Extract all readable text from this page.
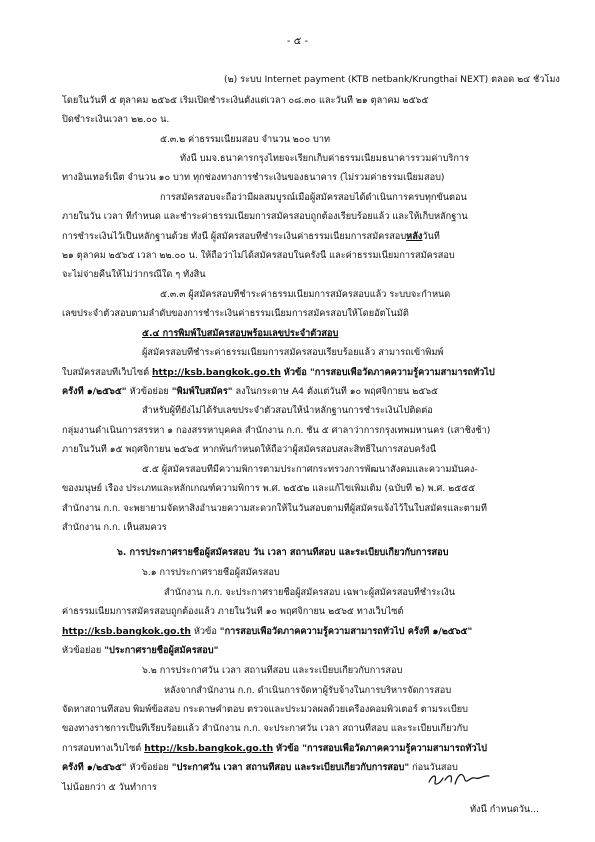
- ๕ -
(๒) ระบบ Internet payment (KTB netbank/Krungthai NEXT) ตลอด ๒๔ ชั่วโมง
โดยในวันที่ ๕ ตุลาคม ๒๕๖๕ เริ่มเปิดชำระเงินตั้งแต่เวลา ๐๘.๓๐ และวันที่ ๒๑ ตุลาคม ๒๕๖๕
ปิดชำระเงินเวลา ๒๒.๐๐ น.
๕.๓.๒ ค่าธรรมเนียมสอบ จำนวน ๒๐๐ บาท
ทั้งนี้ บมจ.ธนาคารกรุงไทยจะเรียกเก็บค่าธรรมเนียมธนาคารรวมค่าบริการ
ทางอินเทอร์เน็ต จำนวน ๑๐ บาท ทุกช่องทางการชำระเงินของธนาคาร (ไม่รวมค่าธรรมเนียมสอบ)
การสมัครสอบจะถือว่ามีผลสมบูรณ์เมื่อผู้สมัครสอบได้ดำเนินการครบทุกขั้นตอน
ภายในวัน เวลา ที่กำหนด และชำระค่าธรรมเนียมการสมัครสอบถูกต้องเรียบร้อยแล้ว และให้เก็บหลักฐาน
การชำระเงินไว้เป็นหลักฐานด้วย ทั้งนี้ ผู้สมัครสอบที่ชำระเงินค่าธรรมเนียมการสมัครสอบ หลัง วันที่
๒๑ ตุลาคม ๒๕๖๕ เวลา ๒๒.๐๐ น. ให้ถือว่าไม่ได้สมัครสอบในครั้งนี้ และค่าธรรมเนียมการสมัครสอบ
จะไม่จ่ายคืนให้ไม่ว่ากรณีใด ๆ ทั้งสิ้น
๕.๓.๓ ผู้สมัครสอบที่ชำระค่าธรรมเนียมการสมัครสอบแล้ว ระบบจะกำหนด
เลขประจำตัวสอบตามลำดับของการชำระเงินค่าธรรมเนียมการสมัครสอบให้โดยอัตโนมัติ
๕.๔ การพิมพ์ใบสมัครสอบพร้อมเลขประจำตัวสอบ
ผู้สมัครสอบที่ชำระค่าธรรมเนียมการสมัครสอบเรียบร้อยแล้ว สามารถเข้าพิมพ์
ใบสมัครสอบที่เว็บไซต์
http://ksb.bangkok.go.th
หัวข้อ "การสอบเพื่อวัดภาคความรู้ความสามารถทั่วไป
ครั้งที่ ๑/๒๕๖๕"
หัวข้อย่อย
"พิมพ์ใบสมัคร"
ลงในกระดาษ A4 ตั้งแต่วันที่ ๑๐ พฤศจิกายน ๒๕๖๕
สำหรับผู้ที่ยังไม่ได้รับเลขประจำตัวสอบให้นำหลักฐานการชำระเงินไปติดต่อ
กลุ่มงานดำเนินการสรรหา ๑ กองสรรหาบุคคล สำนักงาน ก.ก. ชั้น ๕ ศาลาว่าการกรุงเทพมหานคร (เสาชิงช้า)
ภายในวันที่ ๑๕ พฤศจิกายน ๒๕๖๕ หากพ้นกำหนดให้ถือว่าผู้สมัครสอบสละสิทธิ์ในการสอบครั้งนี้
๕.๕ ผู้สมัครสอบที่มีความพิการตามประกาศกระทรวงการพัฒนาสังคมและความมั่นคง-
ของมนุษย์ เรื่อง ประเภทและหลักเกณฑ์ความพิการ พ.ศ. ๒๕๕๒ และแก้ไขเพิ่มเติม (ฉบับที่ ๒) พ.ศ. ๒๕๕๕
สำนักงาน ก.ก. จะพยายามจัดหาสิ่งอำนวยความสะดวกให้ในวันสอบตามที่ผู้สมัครแจ้งไว้ในใบสมัครและตามที่
สำนักงาน ก.ก. เห็นสมควร
๖. การประกาศรายชื่อผู้สมัครสอบ วัน เวลา สถานที่สอบ และระเบียบเกี่ยวกับการสอบ
๖.๑ การประกาศรายชื่อผู้สมัครสอบ
สำนักงาน ก.ก. จะประกาศรายชื่อผู้สมัครสอบ เฉพาะผู้สมัครสอบที่ชำระเงิน
ค่าธรรมเนียมการสมัครสอบถูกต้องแล้ว ภายในวันที่ ๑๐ พฤศจิกายน ๒๕๖๕ ทางเว็บไซต์
http://ksb.bangkok.go.th
หัวข้อ
"การสอบเพื่อวัดภาคความรู้ความสามารถทั่วไป ครั้งที่ ๑/๒๕๖๕"
หัวข้อย่อย
"ประกาศรายชื่อผู้สมัครสอบ"
๖.๒ การประกาศวัน เวลา สถานที่สอบ และระเบียบเกี่ยวกับการสอบ
หลังจากสำนักงาน ก.ก. ดำเนินการจัดหาผู้รับจ้างในการบริหารจัดการสอบ
จัดหาสถานที่สอบ พิมพ์ข้อสอบ กระดาษคำตอบ ตรวจและประมวลผลด้วยเครื่องคอมพิวเตอร์ ตามระเบียบ
ของทางราชการเป็นที่เรียบร้อยแล้ว สำนักงาน ก.ก. จะประกาศวัน เวลา สถานที่สอบ และระเบียบเกี่ยวกับ
การสอบทางเว็บไซต์
http://ksb.bangkok.go.th
หัวข้อ "การสอบเพื่อวัดภาคความรู้ความสามารถทั่วไป
ครั้งที่ ๑/๒๕๖๕"
หัวข้อย่อย
"ประกาศวัน เวลา สถานที่สอบ และระเบียบเกี่ยวกับการสอบ"
ก่อนวันสอบ
ไม่น้อยกว่า ๕ วันทำการ
ทั้งนี้ กำหนดวัน...
